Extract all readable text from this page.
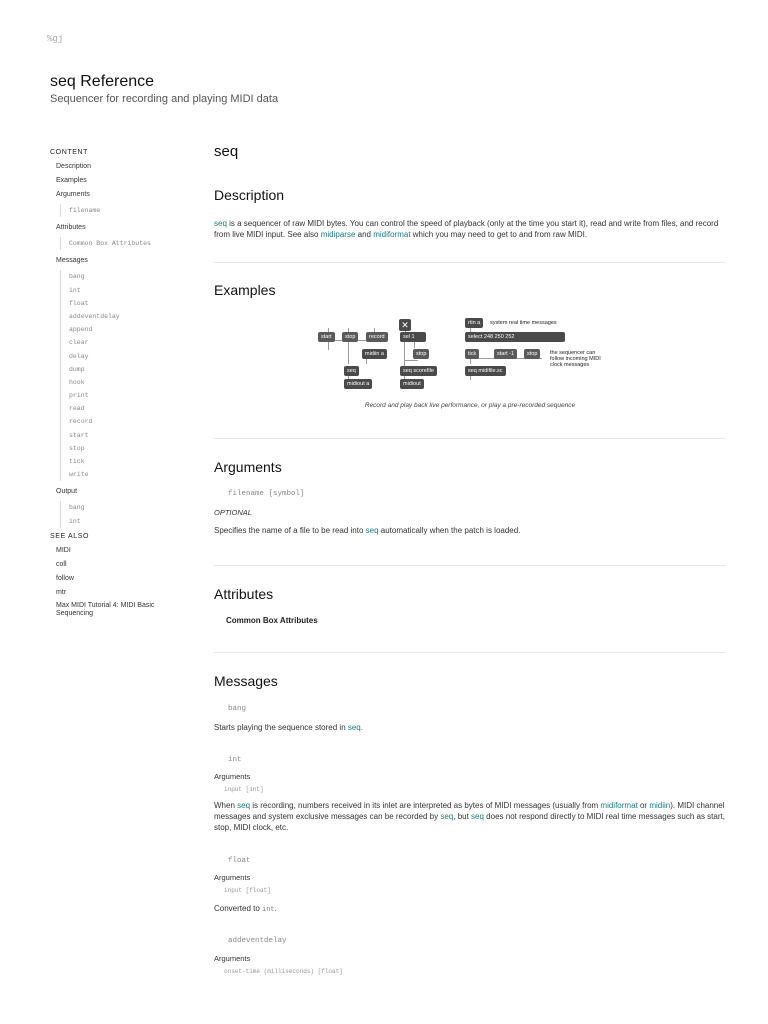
%gj
seq Reference
Sequencer for recording and playing MIDI data
CONTENT
Description
Examples
Arguments
filename
Attributes
Common Box Attributes
Messages
bang
int
float
addeventdelay
append
clear
delay
dump
hook
print
read
record
start
stop
tick
write
Output
bang
int
SEE ALSO
MIDI
coll
follow
mtr
Max MIDI Tutorial 4: MIDI Basic Sequencing
seq
Description
seq is a sequencer of raw MIDI bytes. You can control the speed of playback (only at the time you start it), read and write from files, and record from live MIDI input. See also midiparse and midiformat which you may need to get to and from raw MIDI.
Examples
start	stop	record
midiin a
seq
midiout a
✕
sel 1
stop
seq scorefile
midiout
rtin a	system real time messages
select 248 250 252
tick	start -1	stop	the sequencer can follow incoming MIDI clock messages
seq midifile.sc
Record and play back live performance, or play a pre-recorded sequence
Arguments
filename [symbol]
OPTIONAL
Specifies the name of a file to be read into seq automatically when the patch is loaded.
Attributes
Common Box Attributes
Messages
bang
Starts playing the sequence stored in seq.
int
Arguments
input [int]
When seq is recording, numbers received in its inlet are interpreted as bytes of MIDI messages (usually from midiformat or midiin). MIDI channel messages and system exclusive messages can be recorded by seq, but seq does not respond directly to MIDI real time messages such as start, stop, MIDI clock, etc.
float
Arguments
input [float]
Converted to int.
addeventdelay
Arguments
onset-time (milliseconds) [float]
